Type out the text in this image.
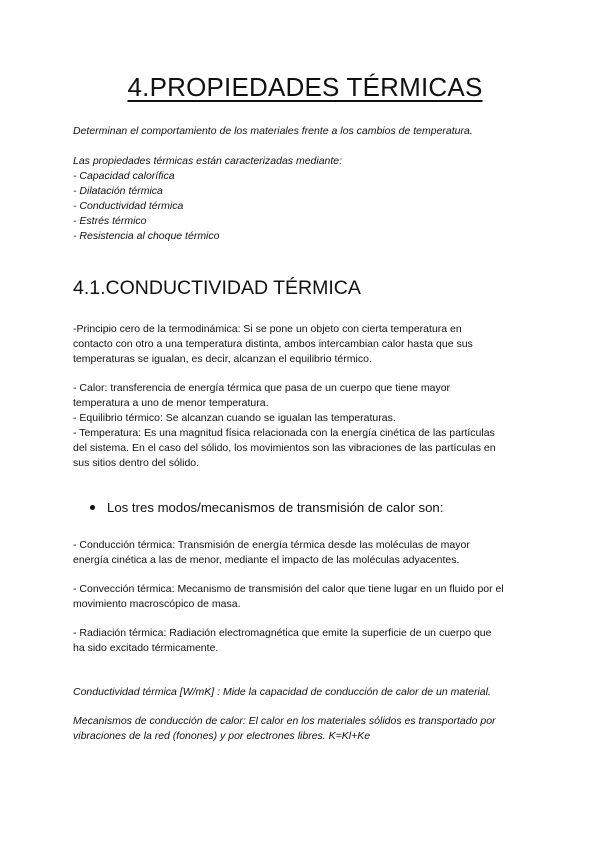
4.PROPIEDADES TÉRMICAS

Determinan el comportamiento de los materiales frente a los cambios de temperatura.

Las propiedades térmicas están caracterizadas mediante:
- Capacidad calorífica
- Dilatación térmica
- Conductividad térmica
- Estrés térmico
- Resistencia al choque térmico
4.1.CONDUCTIVIDAD TÉRMICA
-Principio cero de la termodinámica: Si se pone un objeto con cierta temperatura en
contacto con otro a una temperatura distinta, ambos intercambian calor hasta que sus
temperaturas se igualan, es decir, alcanzan el equilibrio térmico.
- Calor: transferencia de energía térmica que pasa de un cuerpo que tiene mayor
temperatura a uno de menor temperatura.
- Equilibrio térmico: Se alcanzan cuando se igualan las temperaturas.
- Temperatura: Es una magnitud física relacionada con la energía cinética de las partículas
del sistema. En el caso del sólido, los movimientos son las vibraciones de las partículas en
sus sitios dentro del sólido.
Los tres modos/mecanismos de transmisión de calor son:
- Conducción térmica: Transmisión de energía térmica desde las moléculas de mayor
energía cinética a las de menor, mediante el impacto de las moléculas adyacentes.
- Convección térmica: Mecanismo de transmisión del calor que tiene lugar en un fluido por el
movimiento macroscópico de masa.
- Radiación térmica: Radiación electromagnética que emite la superficie de un cuerpo que
ha sido excitado térmicamente.
Conductividad térmica [W/mK] : Mide la capacidad de conducción de calor de un material.
Mecanismos de conducción de calor: El calor en los materiales sólidos es transportado por
vibraciones de la red (fonones) y por electrones libres. K=Kl+Ke
